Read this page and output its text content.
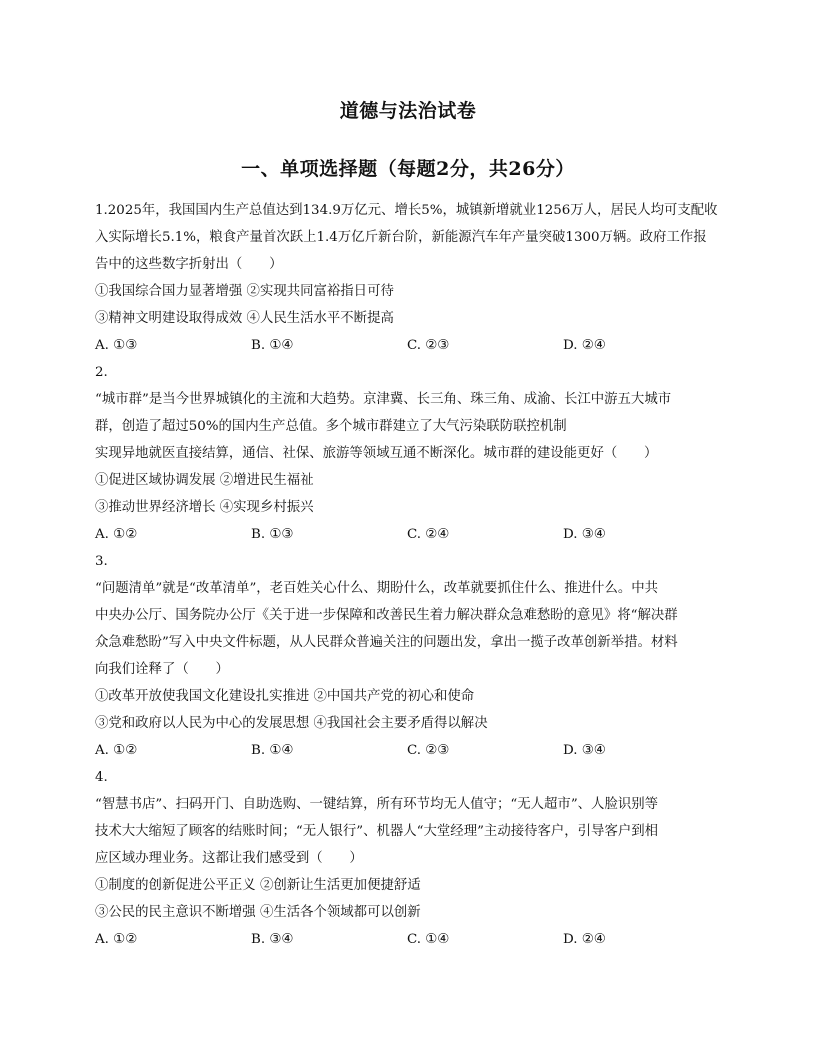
道德与法治试卷
一、单项选择题（每题2分，共26分）
1.2025年，我国国内生产总值达到134.9万亿元、增长5%，城镇新增就业1256万人，居民人均可支配收
入实际增长5.1%，粮食产量首次跃上1.4万亿斤新台阶，新能源汽车年产量突破1300万辆。政府工作报
告中的这些数字折射出（　　）
①我国综合国力显著增强 ②实现共同富裕指日可待
③精神文明建设取得成效 ④人民生活水平不断提高
A. ①③	B. ①④	C. ②③	D. ②④
2.
“城市群”是当今世界城镇化的主流和大趋势。京津冀、长三角、珠三角、成渝、长江中游五大城市
群，创造了超过50%的国内生产总值。多个城市群建立了大气污染联防联控机制
实现异地就医直接结算，通信、社保、旅游等领域互通不断深化。城市群的建设能更好（　　）
①促进区域协调发展 ②增进民生福祉
③推动世界经济增长 ④实现乡村振兴
A. ①②	B. ①③	C. ②④	D. ③④
3.
“问题清单”就是“改革清单”，老百姓关心什么、期盼什么，改革就要抓住什么、推进什么。中共
中央办公厅、国务院办公厅《关于进一步保障和改善民生着力解决群众急难愁盼的意见》将“解决群
众急难愁盼”写入中央文件标题，从人民群众普遍关注的问题出发，拿出一揽子改革创新举措。材料
向我们诠释了（　　）
①改革开放使我国文化建设扎实推进 ②中国共产党的初心和使命
③党和政府以人民为中心的发展思想 ④我国社会主要矛盾得以解决
A. ①②	B. ①④	C. ②③	D. ③④
4.
“智慧书店”、扫码开门、自助选购、一键结算，所有环节均无人值守；“无人超市”、人脸识别等
技术大大缩短了顾客的结账时间；“无人银行”、机器人“大堂经理”主动接待客户，引导客户到相
应区域办理业务。这都让我们感受到（　　）
①制度的创新促进公平正义 ②创新让生活更加便捷舒适
③公民的民主意识不断增强 ④生活各个领域都可以创新
A. ①②	B. ③④	C. ①④	D. ②④
